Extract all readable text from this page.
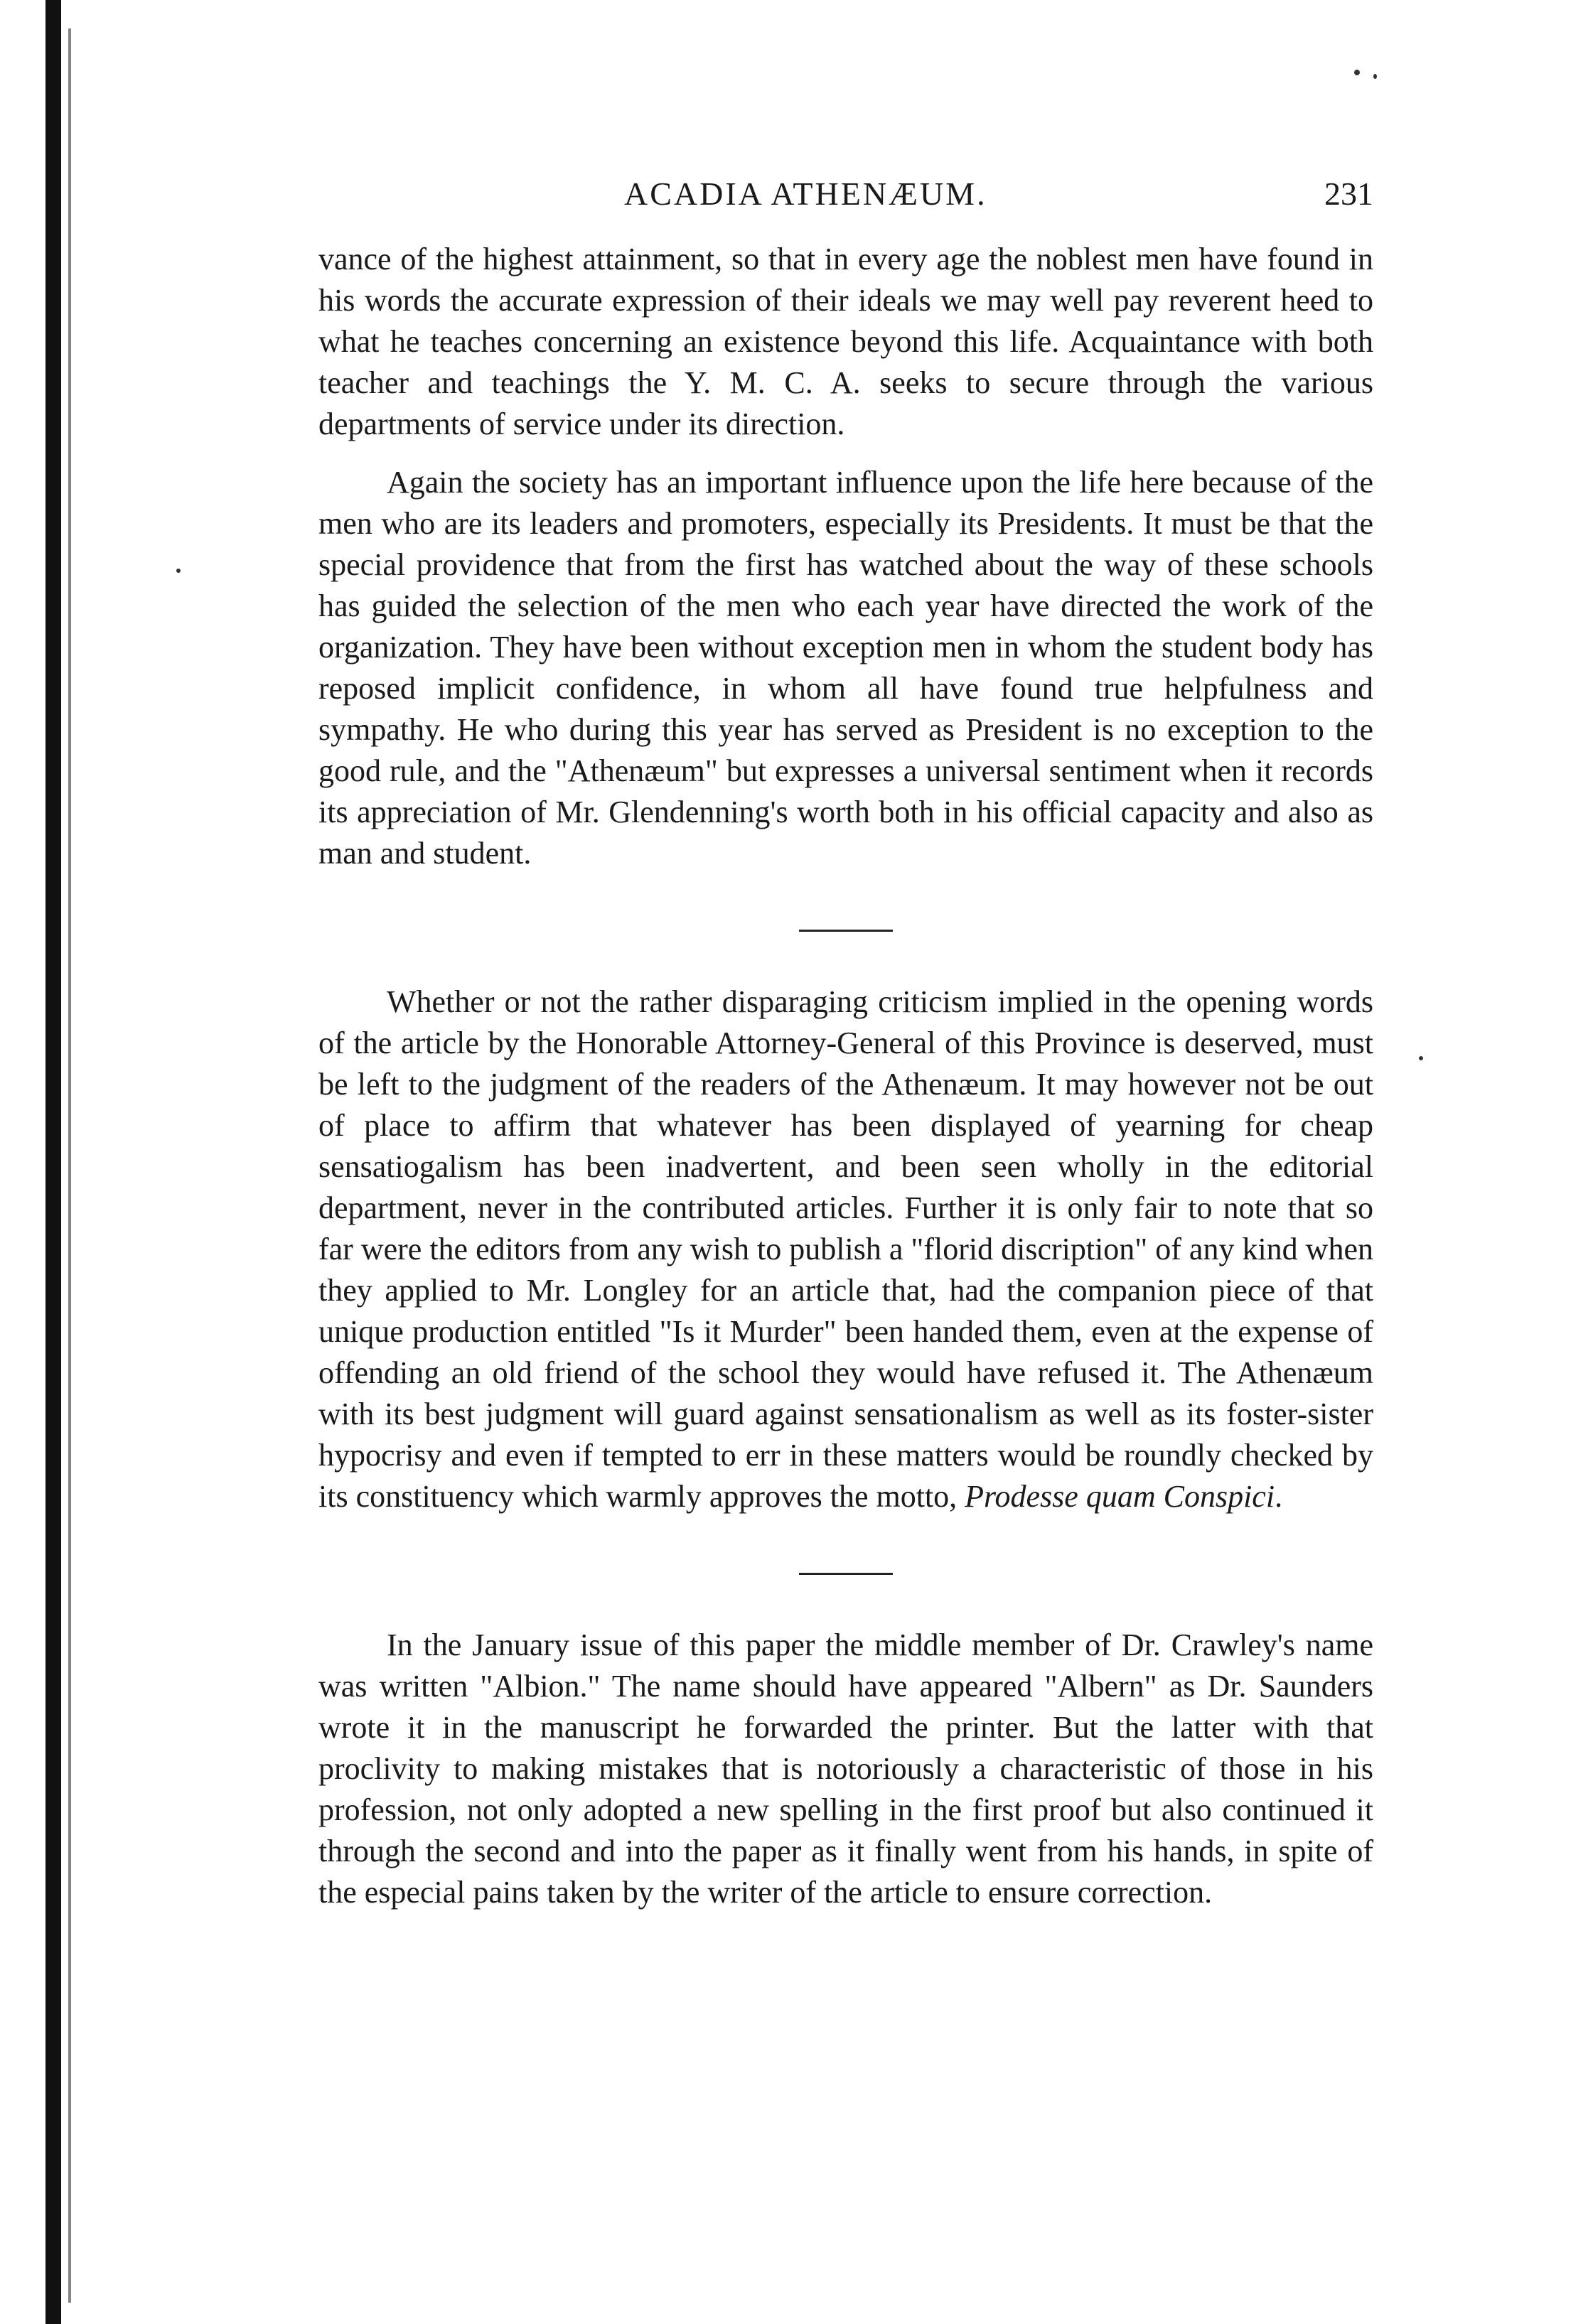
ACADIA ATHENÆUM.	231

vance of the highest attainment, so that in every age the noblest men have found in his words the accurate expression of their ideals we may well pay reverent heed to what he teaches concerning an existence beyond this life. Acquaintance with both teacher and teachings the Y. M. C. A. seeks to secure through the various departments of service under its direction.

Again the society has an important influence upon the life here because of the men who are its leaders and promoters, especially its Presidents. It must be that the special providence that from the first has watched about the way of these schools has guided the selection of the men who each year have directed the work of the organization. They have been without exception men in whom the student body has reposed implicit confidence, in whom all have found true helpfulness and sympathy. He who during this year has served as President is no exception to the good rule, and the "Athenæum" but expresses a universal sentiment when it records its appreciation of Mr. Glendenning's worth both in his official capacity and also as man and student.

Whether or not the rather disparaging criticism implied in the opening words of the article by the Honorable Attorney-General of this Province is deserved, must be left to the judgment of the readers of the Athenæum. It may however not be out of place to affirm that whatever has been displayed of yearning for cheap sensatiogalism has been inadvertent, and been seen wholly in the editorial department, never in the contributed articles. Further it is only fair to note that so far were the editors from any wish to publish a "florid discription" of any kind when they applied to Mr. Longley for an article that, had the companion piece of that unique production entitled "Is it Murder" been handed them, even at the expense of offending an old friend of the school they would have refused it. The Athenæum with its best judgment will guard against sensationalism as well as its foster-sister hypocrisy and even if tempted to err in these matters would be roundly checked by its constituency which warmly approves the motto, Prodesse quam Conspici.

In the January issue of this paper the middle member of Dr. Crawley's name was written "Albion." The name should have appeared "Albern" as Dr. Saunders wrote it in the manuscript he forwarded the printer. But the latter with that proclivity to making mistakes that is notoriously a characteristic of those in his profession, not only adopted a new spelling in the first proof but also continued it through the second and into the paper as it finally went from his hands, in spite of the especial pains taken by the writer of the article to ensure correction.
